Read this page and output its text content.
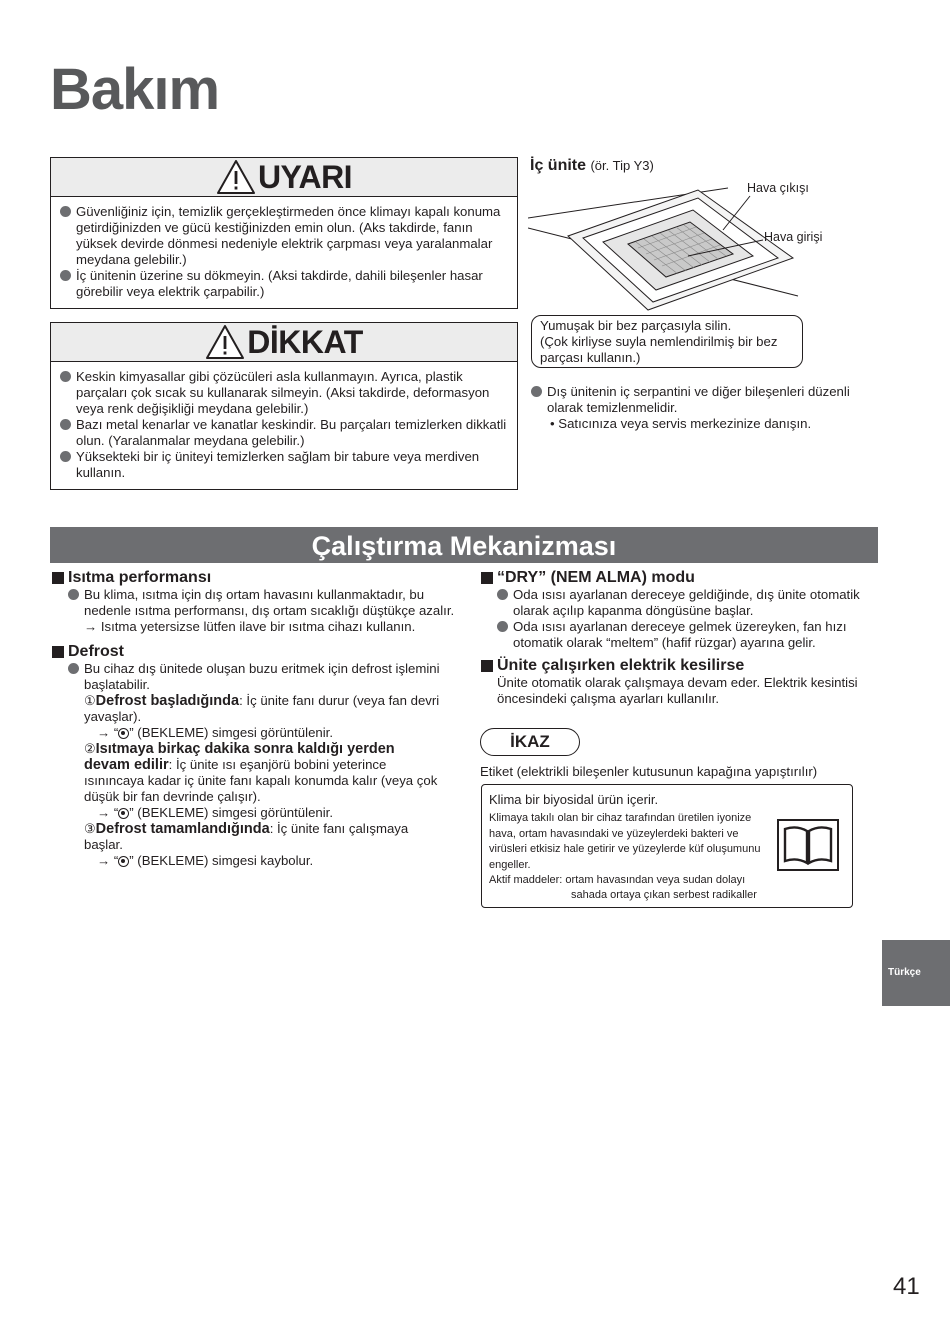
Bakım
UYARI
Güvenliğiniz için, temizlik gerçekleştirmeden önce klimayı kapalı konuma getirdiğinizden ve gücü kestiğinizden emin olun. (Aks takdirde, fanın yüksek devirde dönmesi nedeniyle elektrik çarpması veya yaralanmalar meydana gelebilir.)
İç ünitenin üzerine su dökmeyin. (Aksi takdirde, dahili bileşenler hasar görebilir veya elektrik çarpabilir.)
DİKKAT
Keskin kimyasallar gibi çözücüleri asla kullanmayın. Ayrıca, plastik parçaları çok sıcak su kullanarak silmeyin. (Aksi takdirde, deformasyon veya renk değişikliği meydana gelebilir.)
Bazı metal kenarlar ve kanatlar keskindir. Bu parçaları temizlerken dikkatli olun. (Yaralanmalar meydana gelebilir.)
Yüksekteki bir iç üniteyi temizlerken sağlam bir tabure veya merdiven kullanın.
İç ünite (ör. Tip Y3)
Hava çıkışı
Hava girişi
Yumuşak bir bez parçasıyla silin.
(Çok kirliyse suyla nemlendirilmiş bir bez parçası kullanın.)
Dış ünitenin iç serpantini ve diğer bileşenleri düzenli olarak temizlenmelidir.
• Satıcınıza veya servis merkezinize danışın.
Çalıştırma Mekanizması
Isıtma performansı
Bu klima, ısıtma için dış ortam havasını kullanmaktadır, bu nedenle ısıtma performansı, dış ortam sıcaklığı düştükçe azalır.
→ Isıtma yetersizse lütfen ilave bir ısıtma cihazı kullanın.
Defrost
Bu cihaz dış ünitede oluşan buzu eritmek için defrost işlemini başlatabilir.
①Defrost başladığında: İç ünite fanı durur (veya fan devri yavaşlar).
→ “ ” (BEKLEME) simgesi görüntülenir.
②Isıtmaya birkaç dakika sonra kaldığı yerden devam edilir: İç ünite ısı eşanjörü bobini yeterince ısınıncaya kadar iç ünite fanı kapalı konumda kalır (veya çok düşük bir fan devrinde çalışır).
→ “ ” (BEKLEME) simgesi görüntülenir.
③Defrost tamamlandığında: İç ünite fanı çalışmaya başlar.
→ “ ” (BEKLEME) simgesi kaybolur.
“DRY” (NEM ALMA) modu
Oda ısısı ayarlanan dereceye geldiğinde, dış ünite otomatik olarak açılıp kapanma döngüsüne başlar.
Oda ısısı ayarlanan dereceye gelmek üzereyken, fan hızı otomatik olarak “meltem” (hafif rüzgar) ayarına gelir.
Ünite çalışırken elektrik kesilirse
Ünite otomatik olarak çalışmaya devam eder. Elektrik kesintisi öncesindeki çalışma ayarları kullanılır.
İKAZ
Etiket (elektrikli bileşenler kutusunun kapağına yapıştırılır)
Klima bir biyosidal ürün içerir.
Klimaya takılı olan bir cihaz tarafından üretilen iyonize hava, ortam havasındaki ve yüzeylerdeki bakteri ve virüsleri etkisiz hale getirir ve yüzeylerde küf oluşumunu engeller.
Aktif maddeler: ortam havasından veya sudan dolayı
sahada ortaya çıkan serbest radikaller
Türkçe
41
